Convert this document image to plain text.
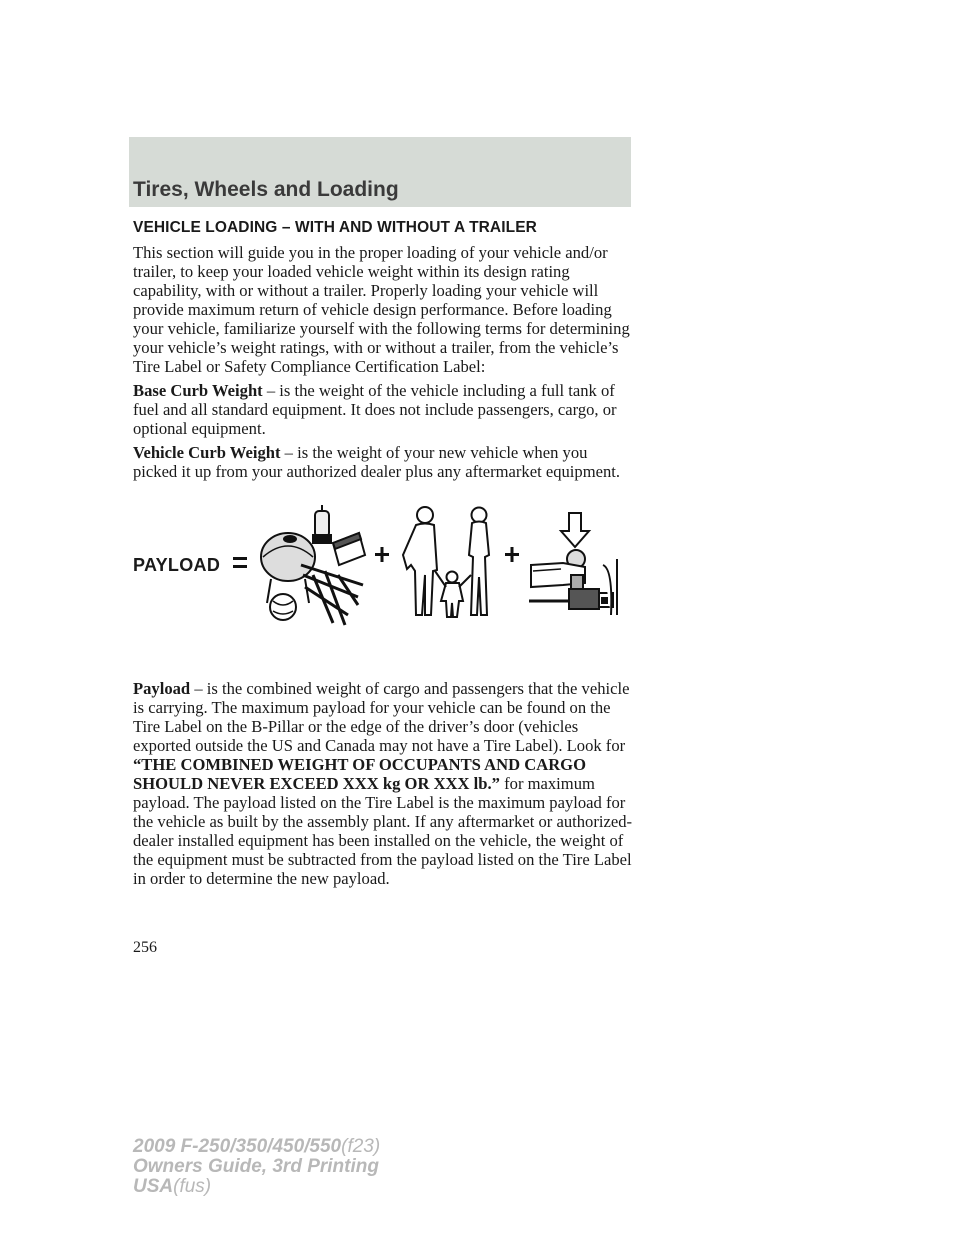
Tires, Wheels and Loading
VEHICLE LOADING – WITH AND WITHOUT A TRAILER

This section will guide you in the proper loading of your vehicle and/or trailer, to keep your loaded vehicle weight within its design rating capability, with or without a trailer. Properly loading your vehicle will provide maximum return of vehicle design performance. Before loading your vehicle, familiarize yourself with the following terms for determining your vehicle’s weight ratings, with or without a trailer, from the vehicle’s Tire Label or Safety Compliance Certification Label:

Base Curb Weight – is the weight of the vehicle including a full tank of fuel and all standard equipment. It does not include passengers, cargo, or optional equipment.

Vehicle Curb Weight – is the weight of your new vehicle when you picked it up from your authorized dealer plus any aftermarket equipment.

PAYLOAD

Payload – is the combined weight of cargo and passengers that the vehicle is carrying. The maximum payload for your vehicle can be found on the Tire Label on the B-Pillar or the edge of the driver’s door (vehicles exported outside the US and Canada may not have a Tire Label). Look for “THE COMBINED WEIGHT OF OCCUPANTS AND CARGO SHOULD NEVER EXCEED XXX kg OR XXX lb.” for maximum payload. The payload listed on the Tire Label is the maximum payload for the vehicle as built by the assembly plant. If any aftermarket or authorized-dealer installed equipment has been installed on the vehicle, the weight of the equipment must be subtracted from the payload listed on the Tire Label in order to determine the new payload.

256
2009 F-250/350/450/550(f23)
Owners Guide, 3rd Printing
USA(fus)
